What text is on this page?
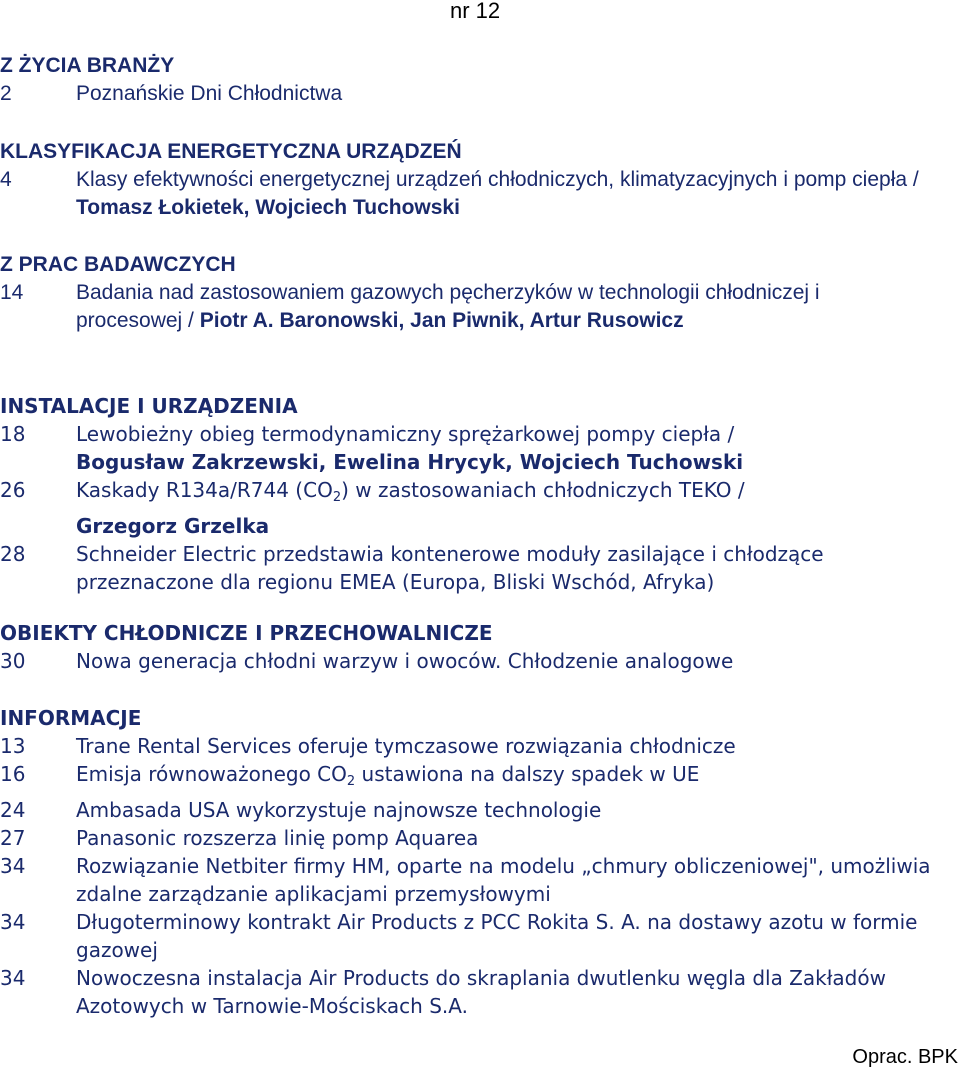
nr 12
Z ŻYCIA BRANŻY
2	Poznańskie Dni Chłodnictwa
KLASYFIKACJA ENERGETYCZNA URZĄDZEŃ
4	Klasy efektywności energetycznej urządzeń chłodniczych, klimatyzacyjnych i pomp ciepła / Tomasz Łokietek, Wojciech Tuchowski
Z PRAC BADAWCZYCH
14	Badania nad zastosowaniem gazowych pęcherzyków w technologii chłodniczej i procesowej / Piotr A. Baronowski, Jan Piwnik, Artur Rusowicz
INSTALACJE I URZĄDZENIA
18	Lewobieżny obieg termodynamiczny sprężarkowej pompy ciepła /
Bogusław Zakrzewski, Ewelina Hrycyk, Wojciech Tuchowski
26	Kaskady R134a/R744 $(CO_2)$ w zastosowaniach chłodniczych TEKO /
Grzegorz Grzelka
28	Schneider Electric przedstawia kontenerowe moduły zasilające i chłodzące przeznaczone dla regionu EMEA (Europa, Bliski Wschód, Afryka)
OBIEKTY CHŁODNICZE I PRZECHOWALNICZE
30	Nowa generacja chłodni warzyw i owoców. Chłodzenie analogowe
INFORMACJE
13	Trane Rental Services oferuje tymczasowe rozwiązania chłodnicze
16	Emisja równoważonego $CO_2$ ustawiona na dalszy spadek w UE
24	Ambasada USA wykorzystuje najnowsze technologie
27	Panasonic rozszerza linię pomp Aquarea
34	Rozwiązanie Netbiter firmy HM, oparte na modelu „chmury obliczeniowej", umożliwia zdalne zarządzanie aplikacjami przemysłowymi
34	Długoterminowy kontrakt Air Products z PCC Rokita S. A. na dostawy azotu w formie gazowej
34	Nowoczesna instalacja Air Products do skraplania dwutlenku węgla dla Zakładów Azotowych w Tarnowie-Mościskach S.A.
Oprac. BPK
